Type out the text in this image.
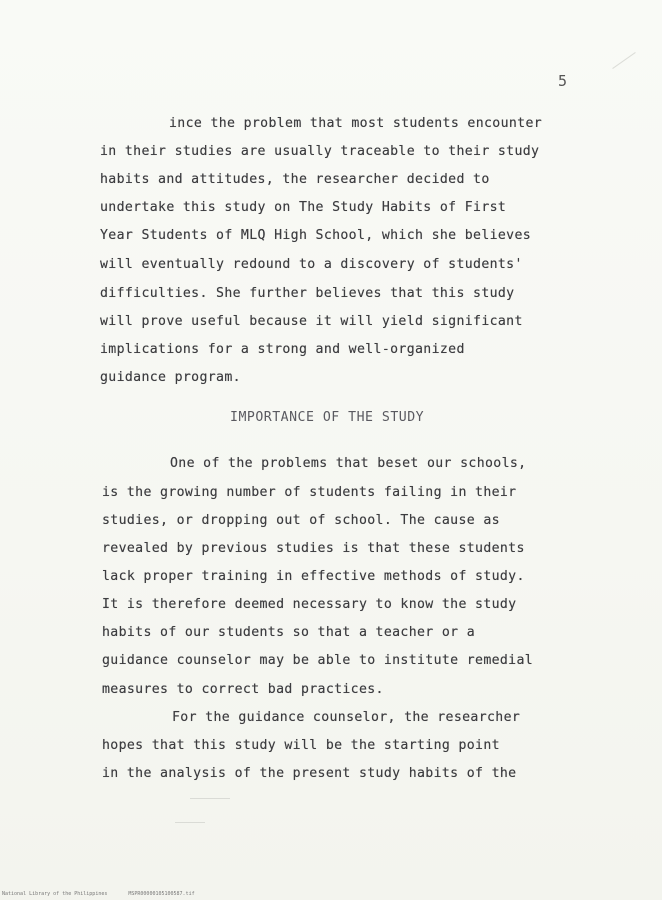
5
ince the problem that most students encounter
in their studies are usually traceable to their study
habits and attitudes, the researcher decided to
undertake this study on The Study Habits of First
Year Students of MLQ High School, which she believes
will eventually redound to a discovery of students'
difficulties. She further believes that this study
will prove useful because it will yield significant
implications for a strong and well-organized
guidance program.
IMPORTANCE OF THE STUDY
One of the problems that beset our schools,
is the growing number of students failing in their
studies, or dropping out of school. The cause as
revealed by previous studies is that these students
lack proper training in effective methods of study.
It is therefore deemed necessary to know the study
habits of our students so that a teacher or a
guidance counselor may be able to institute remedial
measures to correct bad practices.
For the guidance counselor, the researcher
hopes that this study will be the starting point
in the analysis of the present study habits of the
National Library of the Philippines	MSPR00000105100587.tif
